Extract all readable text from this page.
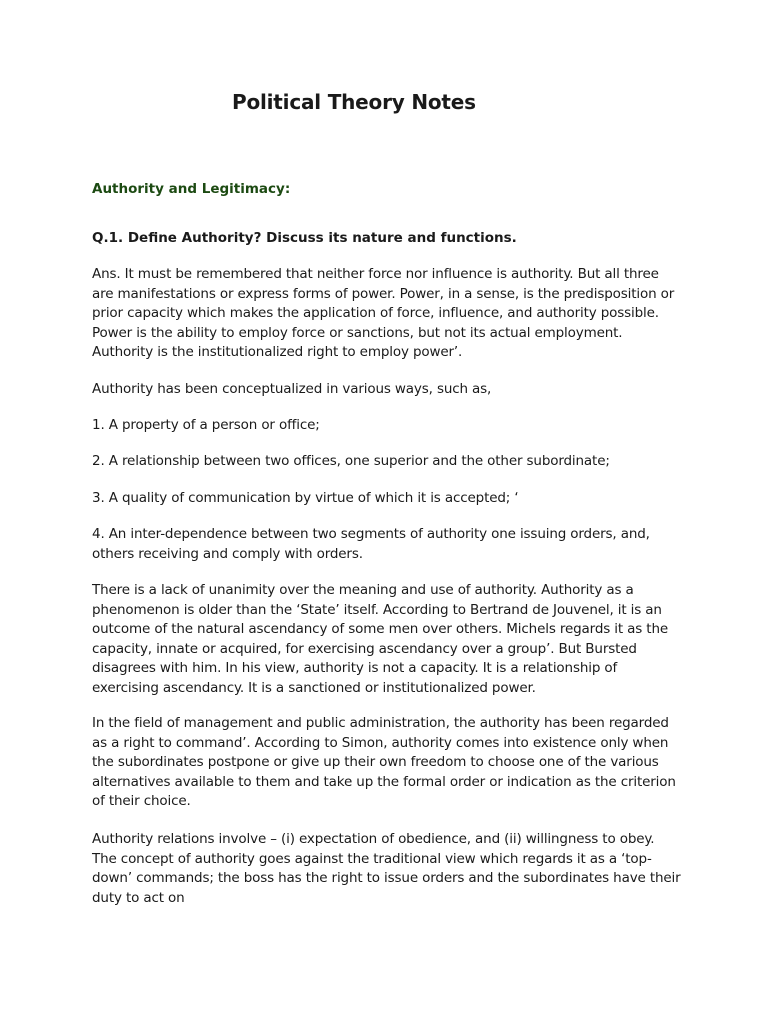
Political Theory Notes
Authority and Legitimacy:

Q.1. Define Authority? Discuss its nature and functions.

Ans. It must be remembered that neither force nor influence is authority. But all three are manifestations or express forms of power. Power, in a sense, is the predisposition or prior capacity which makes the application of force, influence, and authority possible. Power is the ability to employ force or sanctions, but not its actual employment. Authority is the institutionalized right to employ power’.

Authority has been conceptualized in various ways, such as,

1. A property of a person or office;

2. A relationship between two offices, one superior and the other subordinate;

3. A quality of communication by virtue of which it is accepted; ‘

4. An inter-dependence between two segments of authority one issuing orders, and, others receiving and comply with orders.

There is a lack of unanimity over the meaning and use of authority. Authority as a phenomenon is older than the ‘State’ itself. According to Bertrand de Jouvenel, it is an outcome of the natural ascendancy of some men over others. Michels regards it as the capacity, innate or acquired, for exercising ascendancy over a group’. But Bursted disagrees with him. In his view, authority is not a capacity. It is a relationship of exercising ascendancy. It is a sanctioned or institutionalized power.

In the field of management and public administration, the authority has been regarded as a right to command’. According to Simon, authority comes into existence only when the subordinates postpone or give up their own freedom to choose one of the various alternatives available to them and take up the formal order or indication as the criterion of their choice.

Authority relations involve – (i) expectation of obedience, and (ii) willingness to obey. The concept of authority goes against the traditional view which regards it as a ‘top-down’ commands; the boss has the right to issue orders and the subordinates have their duty to act on
